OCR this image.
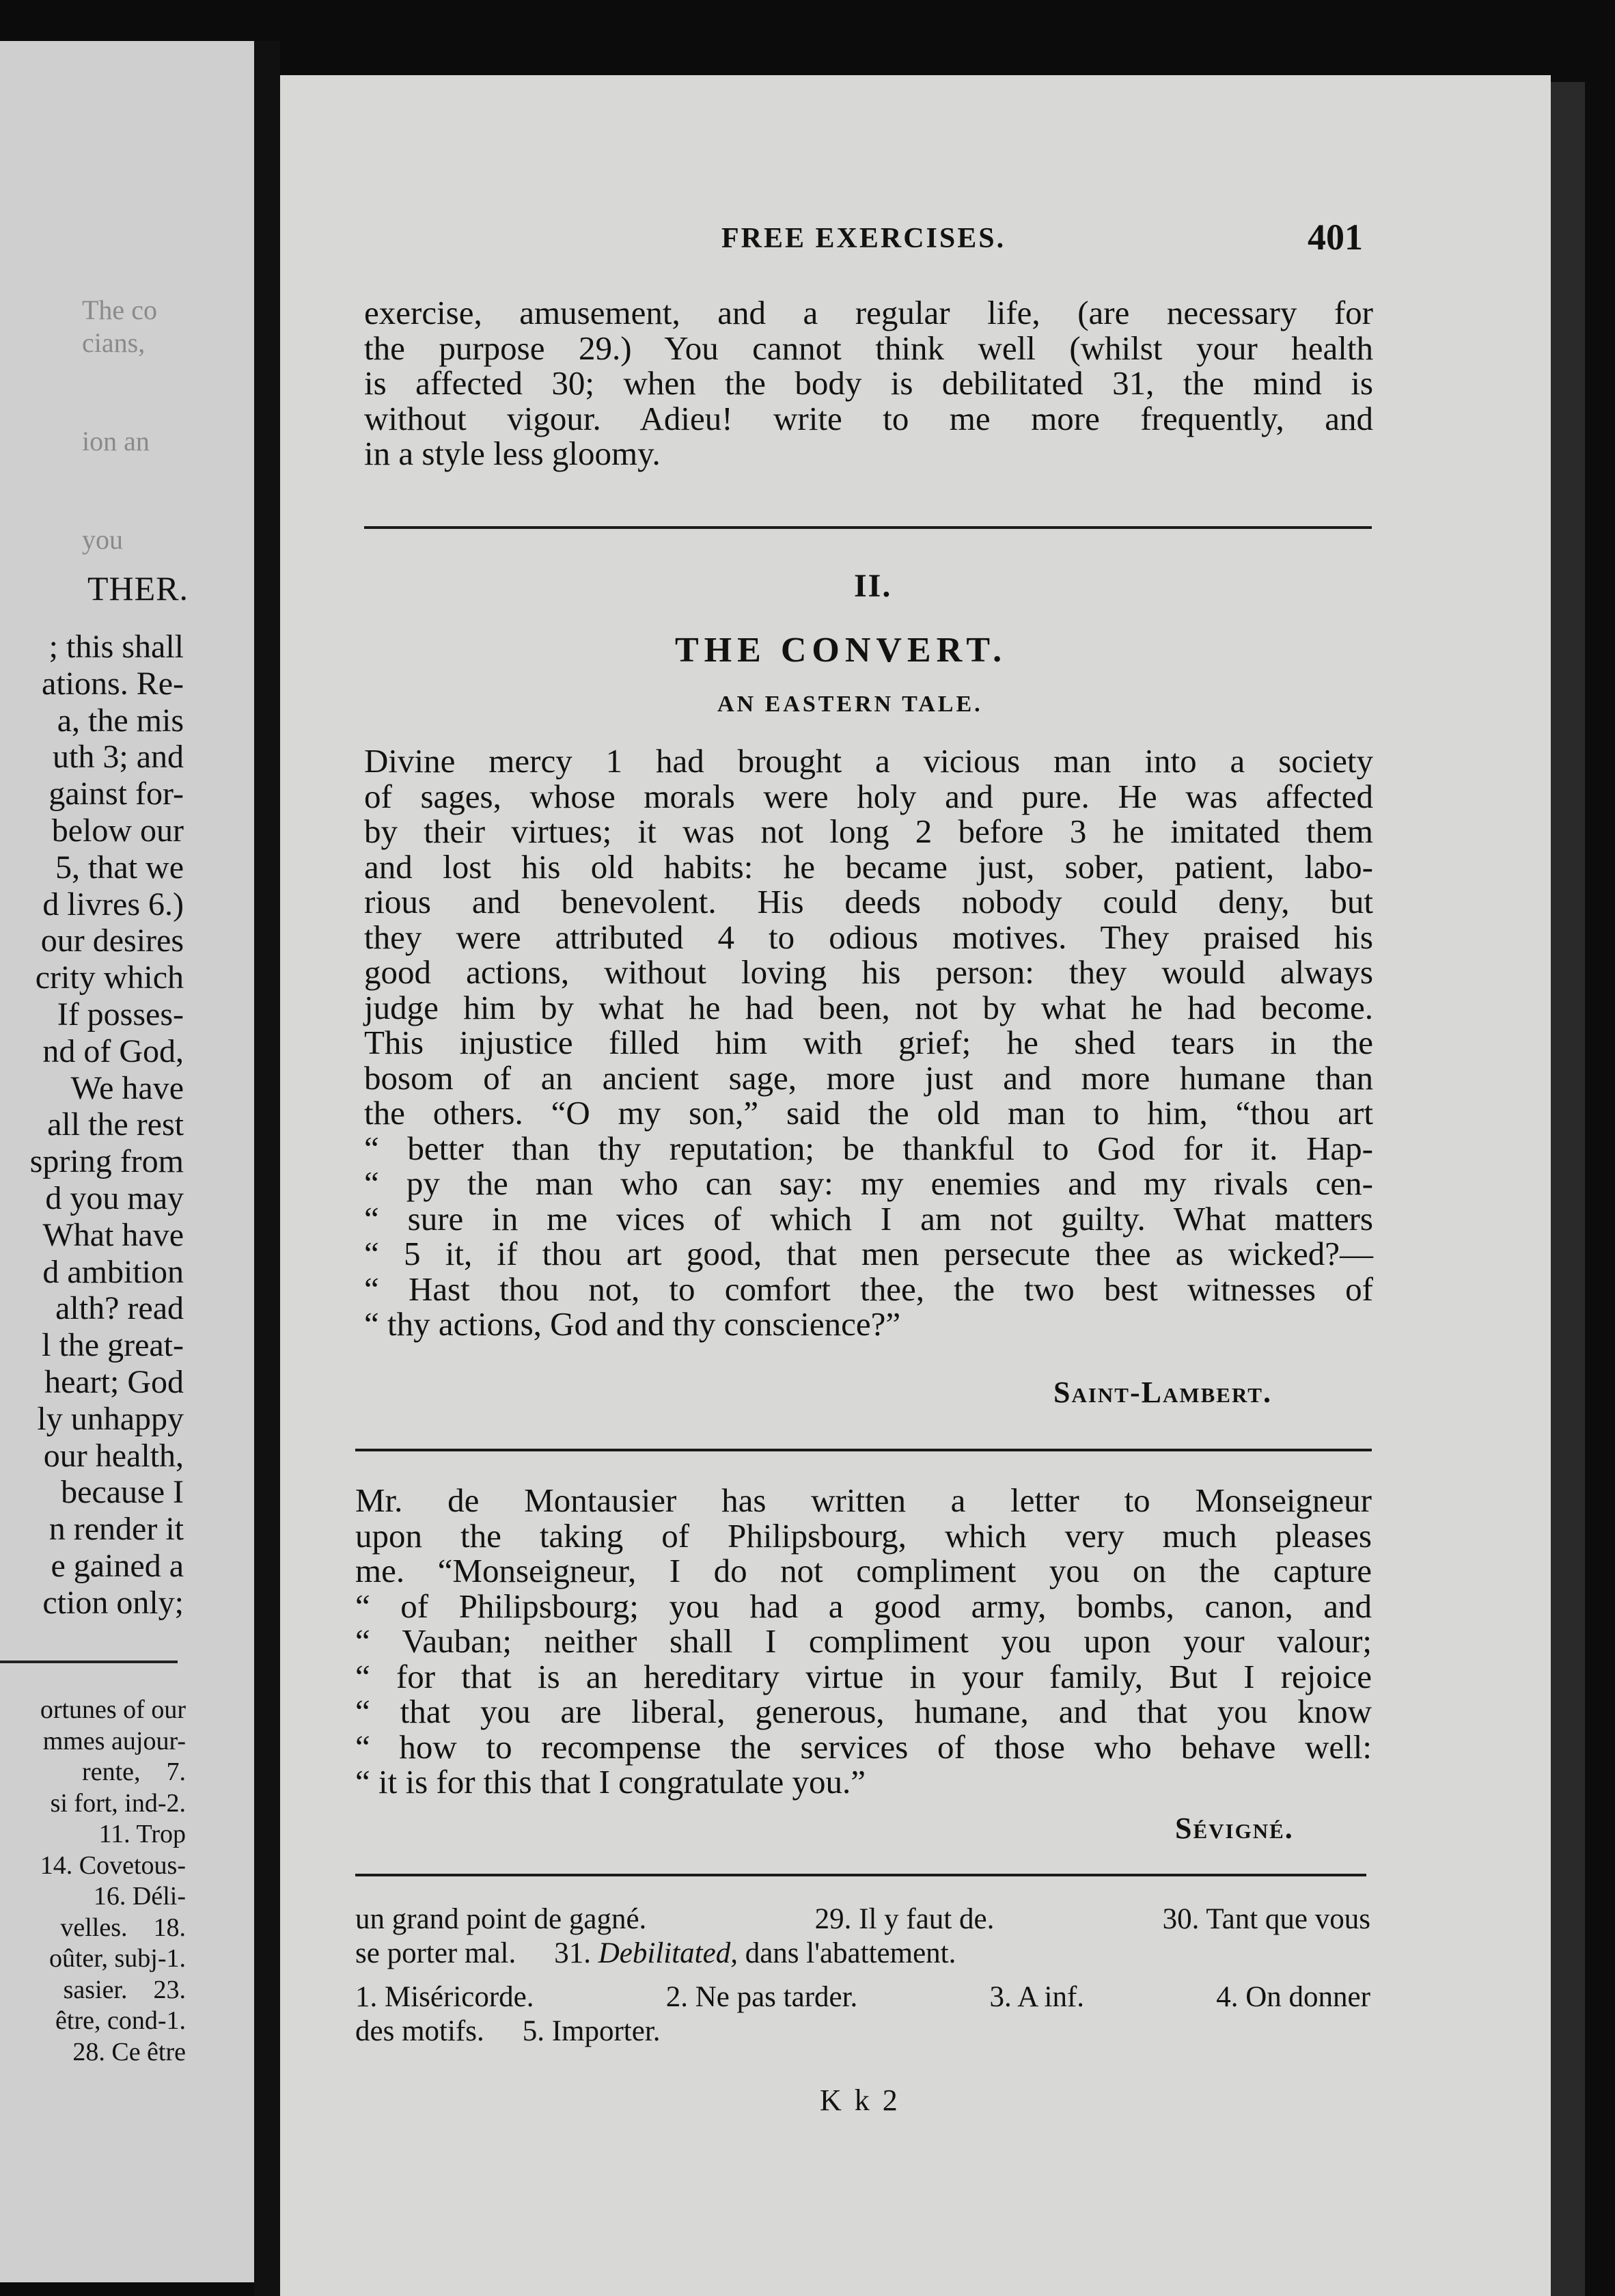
The co
cians,

ion an

you
THER.
; this shall
ations. Re-
a, the mis
uth 3; and
gainst for-
below our
5, that we
d livres 6.)
our desires
crity which
If posses-
nd of God,
We have
all the rest
spring from
d you may
What have
d ambition
alth? read
l the great-
heart; God
ly unhappy
our health,
because I
n render it
e gained a
ction only;
ortunes of our
mmes aujour-
rente,    7.
si fort, ind-2.
11. Trop
14. Covetous-
16. Déli-
velles.    18.
oûter, subj-1.
sasier.    23.
être, cond-1.
28. Ce être
FREE EXERCISES.	401
exercise, amusement, and a regular life, (are necessary for
the purpose 29.) You cannot think well (whilst your health
is affected 30; when the body is debilitated 31, the mind is
without vigour. Adieu! write to me more frequently, and
in a style less gloomy.
II.
THE CONVERT.
AN EASTERN TALE.
Divine mercy 1 had brought a vicious man into a society
of sages, whose morals were holy and pure. He was affected
by their virtues; it was not long 2 before 3 he imitated them
and lost his old habits: he became just, sober, patient, labo-
rious and benevolent. His deeds nobody could deny, but
they were attributed 4 to odious motives. They praised his
good actions, without loving his person: they would always
judge him by what he had been, not by what he had become.
This injustice filled him with grief; he shed tears in the
bosom of an ancient sage, more just and more humane than
the others. “O my son,” said the old man to him, “thou art
“ better than thy reputation; be thankful to God for it. Hap-
“ py the man who can say: my enemies and my rivals cen-
“ sure in me vices of which I am not guilty. What matters
“ 5 it, if thou art good, that men persecute thee as wicked?—
“ Hast thou not, to comfort thee, the two best witnesses of
“ thy actions, God and thy conscience?”
Saint-Lambert.
Mr. de Montausier has written a letter to Monseigneur
upon the taking of Philipsbourg, which very much pleases
me. “Monseigneur, I do not compliment you on the capture
“ of Philipsbourg; you had a good army, bombs, canon, and
“ Vauban; neither shall I compliment you upon your valour;
“ for that is an hereditary virtue in your family, But I rejoice
“ that you are liberal, generous, humane, and that you know
“ how to recompense the services of those who behave well:
“ it is for this that I congratulate you.”
Sévigné.
un grand point de gagné.	29. Il y faut de.	30. Tant que vous
se porter mal. 31. Debilitated, dans l'abattement.
1. Miséricorde.	2. Ne pas tarder.	3. A inf.	4. On donner
des motifs. 5. Importer.
K k 2
